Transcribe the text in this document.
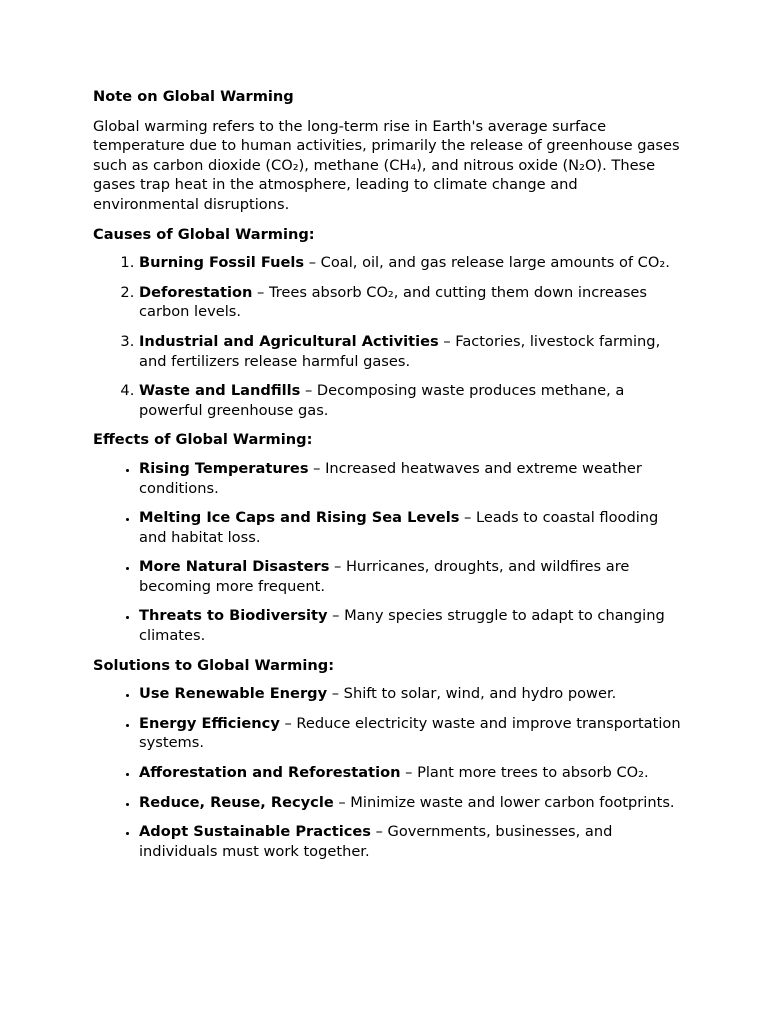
Note on Global Warming
Global warming refers to the long-term rise in Earth's average surface temperature due to human activities, primarily the release of greenhouse gases such as carbon dioxide (CO₂), methane (CH₄), and nitrous oxide (N₂O). These gases trap heat in the atmosphere, leading to climate change and environmental disruptions.
Causes of Global Warming:
1. Burning Fossil Fuels – Coal, oil, and gas release large amounts of CO₂.
2. Deforestation – Trees absorb CO₂, and cutting them down increases carbon levels.
3. Industrial and Agricultural Activities – Factories, livestock farming, and fertilizers release harmful gases.
4. Waste and Landfills – Decomposing waste produces methane, a powerful greenhouse gas.
Effects of Global Warming:
• Rising Temperatures – Increased heatwaves and extreme weather conditions.
• Melting Ice Caps and Rising Sea Levels – Leads to coastal flooding and habitat loss.
• More Natural Disasters – Hurricanes, droughts, and wildfires are becoming more frequent.
• Threats to Biodiversity – Many species struggle to adapt to changing climates.
Solutions to Global Warming:
• Use Renewable Energy – Shift to solar, wind, and hydro power.
• Energy Efficiency – Reduce electricity waste and improve transportation systems.
• Afforestation and Reforestation – Plant more trees to absorb CO₂.
• Reduce, Reuse, Recycle – Minimize waste and lower carbon footprints.
• Adopt Sustainable Practices – Governments, businesses, and individuals must work together.
